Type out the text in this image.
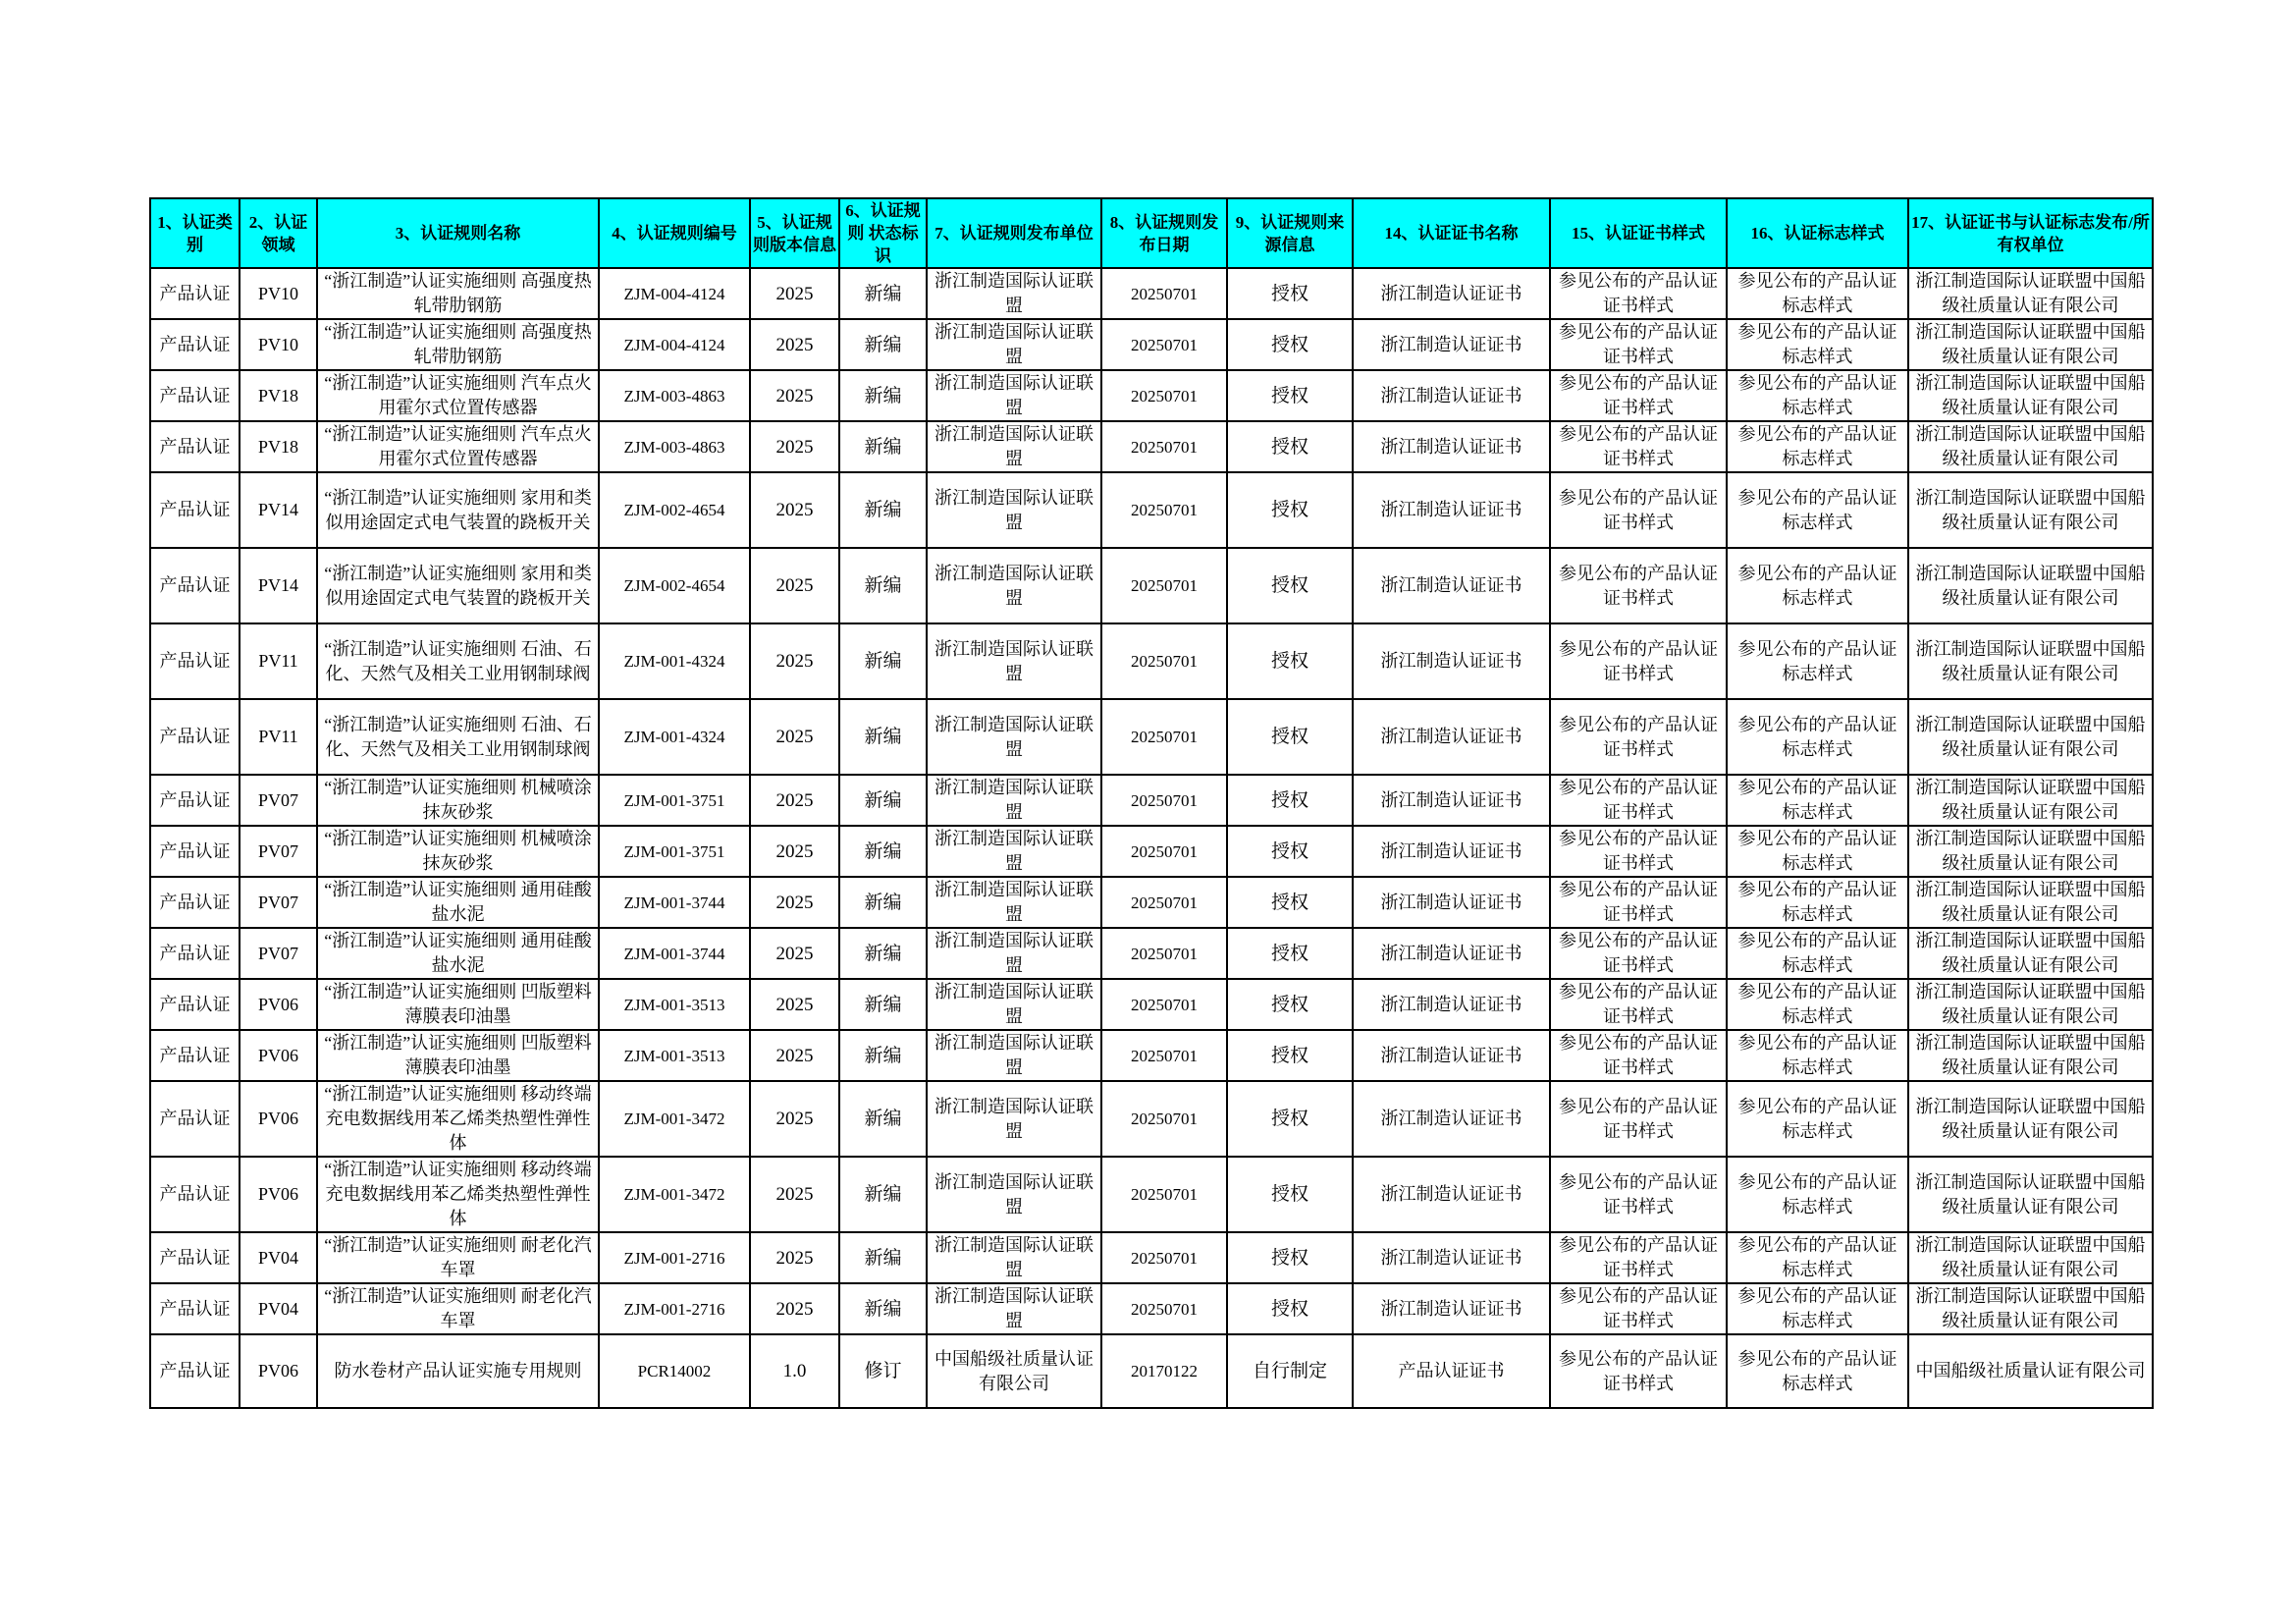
1、认证类别	2、认证领域	3、认证规则名称	4、认证规则编号	5、认证规则版本信息	6、认证规则 状态标识	7、认证规则发布单位	8、认证规则发布日期	9、认证规则来源信息	14、认证证书名称	15、认证证书样式	16、认证标志样式	17、认证证书与认证标志发布/所有权单位
产品认证	PV10	“浙江制造”认证实施细则 高强度热轧带肋钢筋	ZJM-004-4124	2025	新编	浙江制造国际认证联盟	20250701	授权	浙江制造认证证书	参见公布的产品认证证书样式	参见公布的产品认证标志样式	浙江制造国际认证联盟中国船级社质量认证有限公司
产品认证	PV10	“浙江制造”认证实施细则 高强度热轧带肋钢筋	ZJM-004-4124	2025	新编	浙江制造国际认证联盟	20250701	授权	浙江制造认证证书	参见公布的产品认证证书样式	参见公布的产品认证标志样式	浙江制造国际认证联盟中国船级社质量认证有限公司
产品认证	PV18	“浙江制造”认证实施细则 汽车点火用霍尔式位置传感器	ZJM-003-4863	2025	新编	浙江制造国际认证联盟	20250701	授权	浙江制造认证证书	参见公布的产品认证证书样式	参见公布的产品认证标志样式	浙江制造国际认证联盟中国船级社质量认证有限公司
产品认证	PV18	“浙江制造”认证实施细则 汽车点火用霍尔式位置传感器	ZJM-003-4863	2025	新编	浙江制造国际认证联盟	20250701	授权	浙江制造认证证书	参见公布的产品认证证书样式	参见公布的产品认证标志样式	浙江制造国际认证联盟中国船级社质量认证有限公司
产品认证	PV14	“浙江制造”认证实施细则 家用和类似用途固定式电气装置的跷板开关	ZJM-002-4654	2025	新编	浙江制造国际认证联盟	20250701	授权	浙江制造认证证书	参见公布的产品认证证书样式	参见公布的产品认证标志样式	浙江制造国际认证联盟中国船级社质量认证有限公司
产品认证	PV14	“浙江制造”认证实施细则 家用和类似用途固定式电气装置的跷板开关	ZJM-002-4654	2025	新编	浙江制造国际认证联盟	20250701	授权	浙江制造认证证书	参见公布的产品认证证书样式	参见公布的产品认证标志样式	浙江制造国际认证联盟中国船级社质量认证有限公司
产品认证	PV11	“浙江制造”认证实施细则 石油、石化、天然气及相关工业用钢制球阀	ZJM-001-4324	2025	新编	浙江制造国际认证联盟	20250701	授权	浙江制造认证证书	参见公布的产品认证证书样式	参见公布的产品认证标志样式	浙江制造国际认证联盟中国船级社质量认证有限公司
产品认证	PV11	“浙江制造”认证实施细则 石油、石化、天然气及相关工业用钢制球阀	ZJM-001-4324	2025	新编	浙江制造国际认证联盟	20250701	授权	浙江制造认证证书	参见公布的产品认证证书样式	参见公布的产品认证标志样式	浙江制造国际认证联盟中国船级社质量认证有限公司
产品认证	PV07	“浙江制造”认证实施细则 机械喷涂抹灰砂浆	ZJM-001-3751	2025	新编	浙江制造国际认证联盟	20250701	授权	浙江制造认证证书	参见公布的产品认证证书样式	参见公布的产品认证标志样式	浙江制造国际认证联盟中国船级社质量认证有限公司
产品认证	PV07	“浙江制造”认证实施细则 机械喷涂抹灰砂浆	ZJM-001-3751	2025	新编	浙江制造国际认证联盟	20250701	授权	浙江制造认证证书	参见公布的产品认证证书样式	参见公布的产品认证标志样式	浙江制造国际认证联盟中国船级社质量认证有限公司
产品认证	PV07	“浙江制造”认证实施细则 通用硅酸盐水泥	ZJM-001-3744	2025	新编	浙江制造国际认证联盟	20250701	授权	浙江制造认证证书	参见公布的产品认证证书样式	参见公布的产品认证标志样式	浙江制造国际认证联盟中国船级社质量认证有限公司
产品认证	PV07	“浙江制造”认证实施细则 通用硅酸盐水泥	ZJM-001-3744	2025	新编	浙江制造国际认证联盟	20250701	授权	浙江制造认证证书	参见公布的产品认证证书样式	参见公布的产品认证标志样式	浙江制造国际认证联盟中国船级社质量认证有限公司
产品认证	PV06	“浙江制造”认证实施细则 凹版塑料薄膜表印油墨	ZJM-001-3513	2025	新编	浙江制造国际认证联盟	20250701	授权	浙江制造认证证书	参见公布的产品认证证书样式	参见公布的产品认证标志样式	浙江制造国际认证联盟中国船级社质量认证有限公司
产品认证	PV06	“浙江制造”认证实施细则 凹版塑料薄膜表印油墨	ZJM-001-3513	2025	新编	浙江制造国际认证联盟	20250701	授权	浙江制造认证证书	参见公布的产品认证证书样式	参见公布的产品认证标志样式	浙江制造国际认证联盟中国船级社质量认证有限公司
产品认证	PV06	“浙江制造”认证实施细则 移动终端充电数据线用苯乙烯类热塑性弹性体	ZJM-001-3472	2025	新编	浙江制造国际认证联盟	20250701	授权	浙江制造认证证书	参见公布的产品认证证书样式	参见公布的产品认证标志样式	浙江制造国际认证联盟中国船级社质量认证有限公司
产品认证	PV06	“浙江制造”认证实施细则 移动终端充电数据线用苯乙烯类热塑性弹性体	ZJM-001-3472	2025	新编	浙江制造国际认证联盟	20250701	授权	浙江制造认证证书	参见公布的产品认证证书样式	参见公布的产品认证标志样式	浙江制造国际认证联盟中国船级社质量认证有限公司
产品认证	PV04	“浙江制造”认证实施细则 耐老化汽车罩	ZJM-001-2716	2025	新编	浙江制造国际认证联盟	20250701	授权	浙江制造认证证书	参见公布的产品认证证书样式	参见公布的产品认证标志样式	浙江制造国际认证联盟中国船级社质量认证有限公司
产品认证	PV04	“浙江制造”认证实施细则 耐老化汽车罩	ZJM-001-2716	2025	新编	浙江制造国际认证联盟	20250701	授权	浙江制造认证证书	参见公布的产品认证证书样式	参见公布的产品认证标志样式	浙江制造国际认证联盟中国船级社质量认证有限公司
产品认证	PV06	防水卷材产品认证实施专用规则	PCR14002	1.0	修订	中国船级社质量认证有限公司	20170122	自行制定	产品认证证书	参见公布的产品认证证书样式	参见公布的产品认证标志样式	中国船级社质量认证有限公司
